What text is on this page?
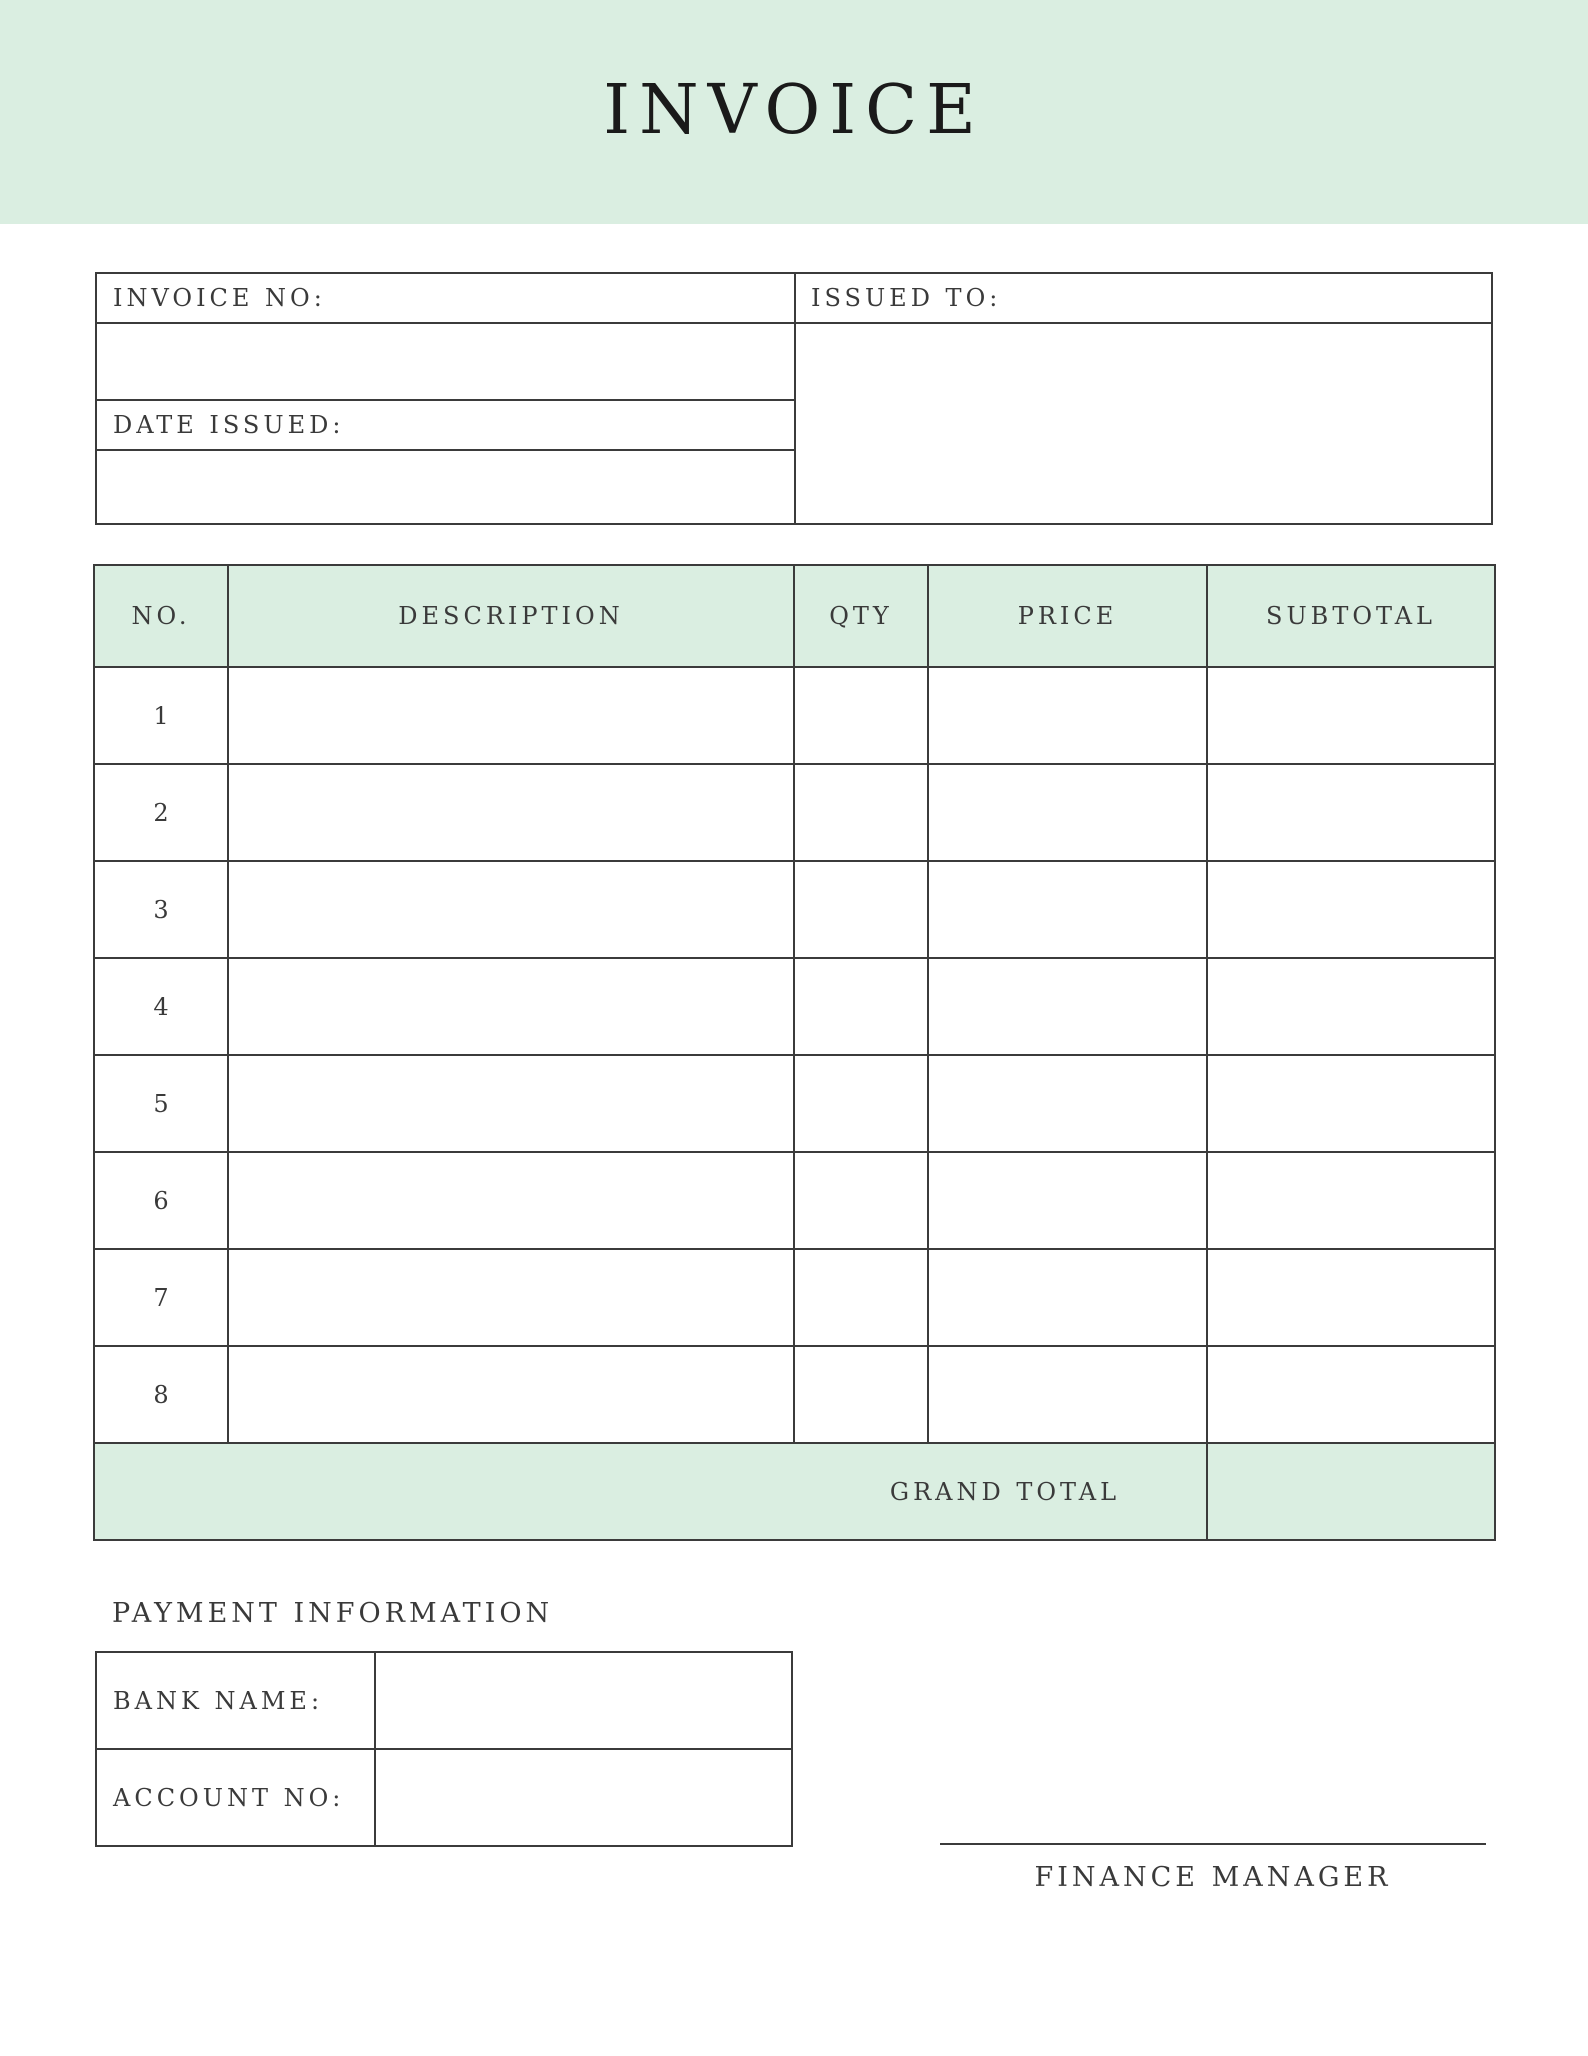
INVOICE
INVOICE NO:
DATE ISSUED:
ISSUED TO:
NO.	DESCRIPTION	QTY	PRICE	SUBTOTAL
1				
2				
3				
4				
5				
6				
7				
8				
GRAND TOTAL				
PAYMENT INFORMATION
BANK NAME:	
ACCOUNT NO:	
FINANCE MANAGER
